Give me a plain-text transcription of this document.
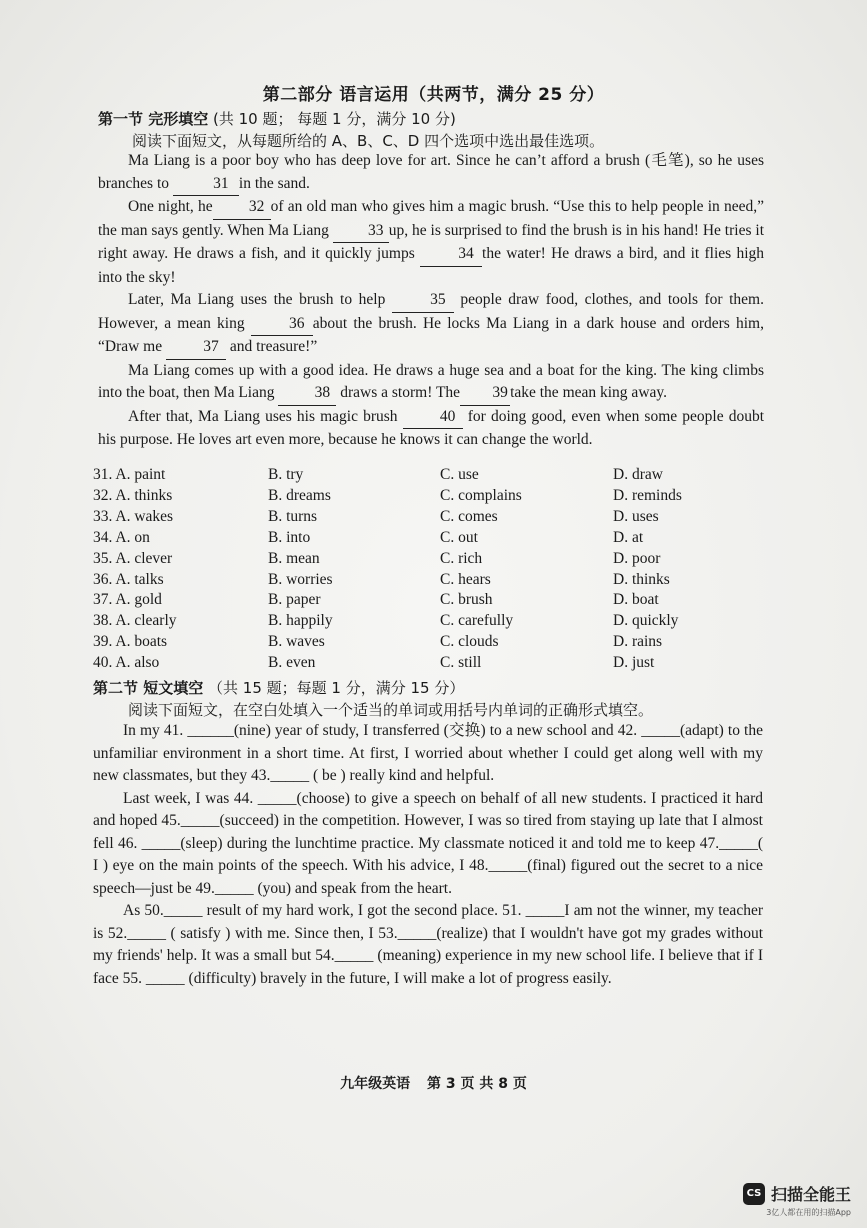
第二部分 语言运用（共两节，满分 25 分）
第一节 完形填空 (共 10 题； 每题 1 分，满分 10 分)
阅读下面短文，从每题所给的 A、B、C、D 四个选项中选出最佳选项。

Ma Liang is a poor boy who has deep love for art. Since he can’t afford a brush (毛笔), so he uses branches to	31 in the sand.

One night, he 32 of an old man who gives him a magic brush. “Use this to help people in need,” the man says gently. When Ma Liang 33 up, he is surprised to find the brush is in his hand! He tries it right away. He draws a fish, and it quickly jumps 34 the water! He draws a bird, and it flies high into the sky!

Later, Ma Liang uses the brush to help 35 people draw food, clothes, and tools for them. However, a mean king 36 about the brush. He locks Ma Liang in a dark house and orders him, “Draw me 37 and treasure!”

Ma Liang comes up with a good idea. He draws a huge sea and a boat for the king. The king climbs into the boat, then Ma Liang 38 draws a storm! The 39 take the mean king away.

After that, Ma Liang uses his magic brush 40 for doing good, even when some people doubt his purpose. He loves art even more, because he knows it can change the world.

31. A. paint	B. try	C. use	D. draw
32. A. thinks	B. dreams	C. complains	D. reminds
33. A. wakes	B. turns	C. comes	D. uses
34. A. on	B. into	C. out	D. at
35. A. clever	B. mean	C. rich	D. poor
36. A. talks	B. worries	C. hears	D. thinks
37. A. gold	B. paper	C. brush	D. boat
38. A. clearly	B. happily	C. carefully	D. quickly
39. A. boats	B. waves	C. clouds	D. rains
40. A. also	B. even	C. still	D. just
第二节 短文填空 （共 15 题；每题 1 分，满分 15 分）
阅读下面短文，在空白处填入一个适当的单词或用括号内单词的正确形式填空。

In my 41. ______(nine) year of study, I transferred (交换) to a new school and 42. _____(adapt) to the unfamiliar environment in a short time. At first, I worried about whether I could get along well with my new classmates, but they 43._____ ( be ) really kind and helpful.

Last week, I was 44. _____(choose) to give a speech on behalf of all new students. I practiced it hard and hoped 45._____(succeed) in the competition. However, I was so tired from staying up late that I almost fell 46. _____(sleep) during the lunchtime practice. My classmate noticed it and told me to keep 47._____( I ) eye on the main points of the speech. With his advice, I 48._____(final) figured out the secret to a nice speech—just be 49._____ (you) and speak from the heart.

As 50._____ result of my hard work, I got the second place. 51. _____I am not the winner, my teacher is 52._____ ( satisfy ) with me. Since then, I 53._____(realize) that I wouldn't have got my grades without my friends' help. It was a small but 54._____ (meaning) experience in my new school life. I believe that if I face 55. _____ (difficulty) bravely in the future, I will make a lot of progress easily.

九年级英语 第 3 页 共 8 页
CS 扫描全能王
3亿人都在用的扫描App
